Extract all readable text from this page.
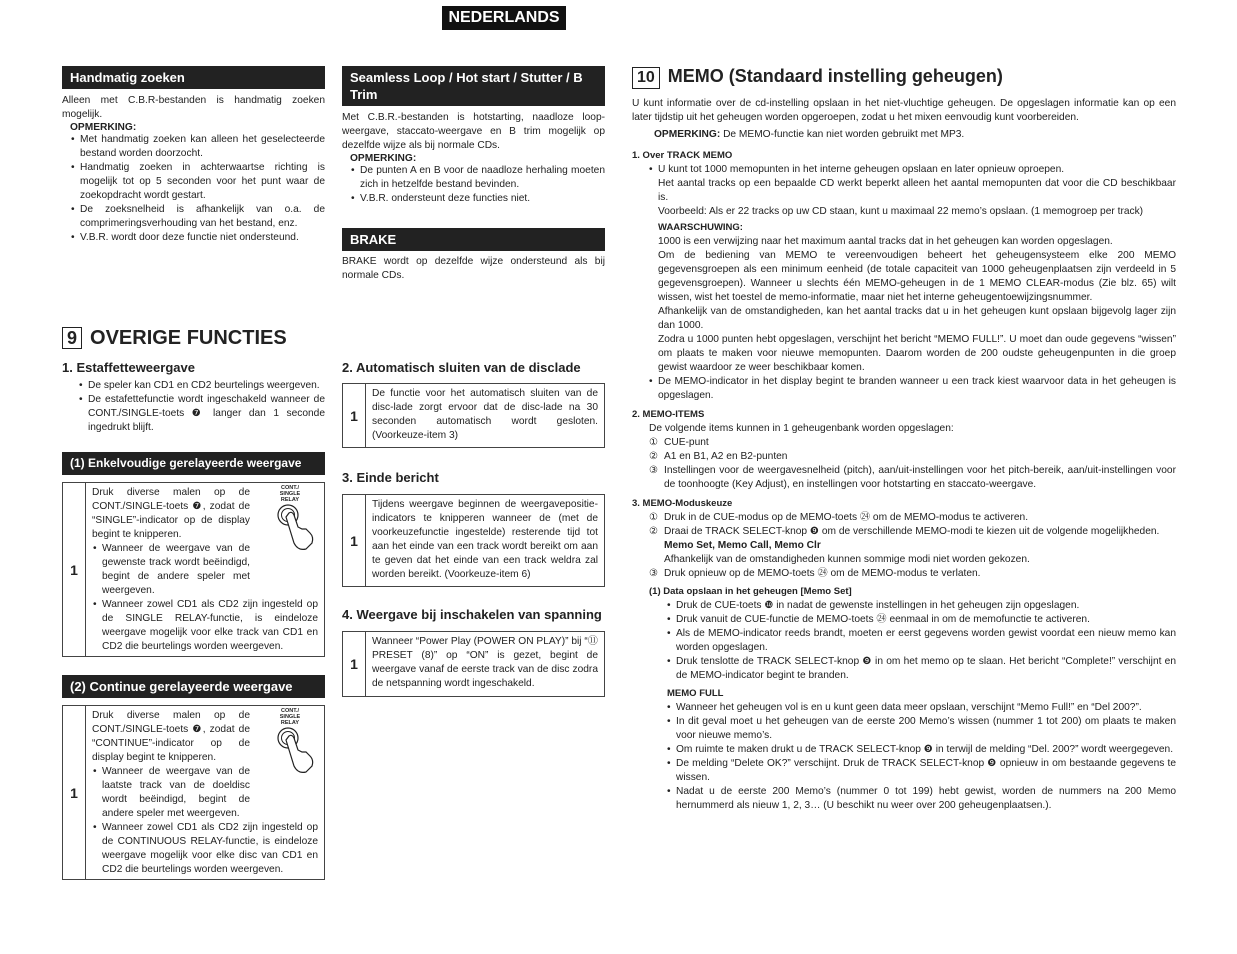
NEDERLANDS
Handmatig zoeken
Alleen met C.B.R-bestanden is handmatig zoeken mogelijk.
OPMERKING:
• Met handmatig zoeken kan alleen het geselecteerde bestand worden doorzocht.
• Handmatig zoeken in achterwaartse richting is mogelijk tot op 5 seconden voor het punt waar de zoekopdracht wordt gestart.
• De zoeksnelheid is afhankelijk van o.a. de comprimeringsverhouding van het bestand, enz.
• V.B.R. wordt door deze functie niet ondersteund.
9 OVERIGE FUNCTIES
1. Estaffetteweergave
• De speler kan CD1 en CD2 beurtelings weergeven.
• De estafettefunctie wordt ingeschakeld wanneer de CONT./SINGLE-toets ❼ langer dan 1 seconde ingedrukt blijft.
(1) Enkelvoudige gerelayeerde weergave
1
Druk diverse malen op de CONT./SINGLE-toets ❼, zodat de “SINGLE”-indicator op de display begint te knipperen.
• Wanneer de weergave van de gewenste track wordt beëindigd, begint de andere speler met weergeven.
• Wanneer zowel CD1 als CD2 zijn ingesteld op de SINGLE RELAY-functie, is eindeloze weergave mogelijk voor elke track van CD1 en CD2 die beurtelings worden weergeven.
CONT./
SINGLE
RELAY
(2) Continue gerelayeerde weergave
1
Druk diverse malen op de CONT./SINGLE-toets ❼, zodat de “CONTINUE”-indicator op de display begint te knipperen.
• Wanneer de weergave van de laatste track van de doeldisc wordt beëindigd, begint de andere speler met weergeven.
• Wanneer zowel CD1 als CD2 zijn ingesteld op de CONTINUOUS RELAY-functie, is eindeloze weergave mogelijk voor elke disc van CD1 en CD2 die beurtelings worden weergeven.
CONT./
SINGLE
RELAY
Seamless Loop / Hot start / Stutter / B Trim
Met C.B.R.-bestanden is hotstarting, naadloze loop-weergave, staccato-weergave en B trim mogelijk op dezelfde wijze als bij normale CDs.
OPMERKING:
• De punten A en B voor de naadloze herhaling moeten zich in hetzelfde bestand bevinden.
• V.B.R. ondersteunt deze functies niet.
BRAKE
BRAKE wordt op dezelfde wijze ondersteund als bij normale CDs.
2. Automatisch sluiten van de disclade
1
De functie voor het automatisch sluiten van de disc-lade zorgt ervoor dat de disc-lade na 30 seconden automatisch wordt gesloten. (Voorkeuze-item 3)
3. Einde bericht
1
Tijdens weergave beginnen de weergavepositie-indicators te knipperen wanneer de (met de voorkeuzefunctie ingestelde) resterende tijd tot aan het einde van een track wordt bereikt om aan te geven dat het einde van een track weldra zal worden bereikt. (Voorkeuze-item 6)
4. Weergave bij inschakelen van spanning
1
Wanneer “Power Play (POWER ON PLAY)” bij “⑪ PRESET (8)” op “ON” is gezet, begint de weergave vanaf de eerste track van de disc zodra de netspanning wordt ingeschakeld.
10 MEMO (Standaard instelling geheugen)
U kunt informatie over de cd-instelling opslaan in het niet-vluchtige geheugen. De opgeslagen informatie kan op een later tijdstip uit het geheugen worden opgeroepen, zodat u het mixen eenvoudig kunt voorbereiden.
OPMERKING: De MEMO-functie kan niet worden gebruikt met MP3.
1. Over TRACK MEMO
• U kunt tot 1000 memopunten in het interne geheugen opslaan en later opnieuw oproepen.
Het aantal tracks op een bepaalde CD werkt beperkt alleen het aantal memopunten dat voor die CD beschikbaar is.
Voorbeeld: Als er 22 tracks op uw CD staan, kunt u maximaal 22 memo’s opslaan. (1 memogroep per track)
WAARSCHUWING:
1000 is een verwijzing naar het maximum aantal tracks dat in het geheugen kan worden opgeslagen.
Om de bediening van MEMO te vereenvoudigen beheert het geheugensysteem elke 200 MEMO gegevensgroepen als een minimum eenheid (de totale capaciteit van 1000 geheugenplaatsen zijn verdeeld in 5 gegevensgroepen). Wanneer u slechts één MEMO-geheugen in de 1 MEMO CLEAR-modus (Zie blz. 65) wilt wissen, wist het toestel de memo-informatie, maar niet het interne geheugentoewijzingsnummer.
Afhankelijk van de omstandigheden, kan het aantal tracks dat u in het geheugen kunt opslaan bijgevolg lager zijn dan 1000.
Zodra u 1000 punten hebt opgeslagen, verschijnt het bericht “MEMO FULL!”. U moet dan oude gegevens “wissen” om plaats te maken voor nieuwe memopunten. Daarom worden de 200 oudste geheugenpunten in die groep gewist waardoor ze weer beschikbaar komen.
• De MEMO-indicator in het display begint te branden wanneer u een track kiest waarvoor data in het geheugen is opgeslagen.
2. MEMO-ITEMS
De volgende items kunnen in 1 geheugenbank worden opgeslagen:
① CUE-punt
② A1 en B1, A2 en B2-punten
③ Instellingen voor de weergavesnelheid (pitch), aan/uit-instellingen voor het pitch-bereik, aan/uit-instellingen voor de toonhoogte (Key Adjust), en instellingen voor hotstarting en staccato-weergave.
3. MEMO-Moduskeuze
① Druk in de CUE-modus op de MEMO-toets ㉔ om de MEMO-modus te activeren.
② Draai de TRACK SELECT-knop ❾ om de verschillende MEMO-modi te kiezen uit de volgende mogelijkheden.
Memo Set, Memo Call, Memo Clr
Afhankelijk van de omstandigheden kunnen sommige modi niet worden gekozen.
③ Druk opnieuw op de MEMO-toets ㉔ om de MEMO-modus te verlaten.
(1) Data opslaan in het geheugen [Memo Set]
• Druk de CUE-toets ❿ in nadat de gewenste instellingen in het geheugen zijn opgeslagen.
• Druk vanuit de CUE-functie de MEMO-toets ㉔ eenmaal in om de memofunctie te activeren.
• Als de MEMO-indicator reeds brandt, moeten er eerst gegevens worden gewist voordat een nieuw memo kan worden opgeslagen.
• Druk tenslotte de TRACK SELECT-knop ❾ in om het memo op te slaan. Het bericht “Complete!” verschijnt en de MEMO-indicator begint te branden.
MEMO FULL
• Wanneer het geheugen vol is en u kunt geen data meer opslaan, verschijnt “Memo Full!” en “Del 200?”.
• In dit geval moet u het geheugen van de eerste 200 Memo’s wissen (nummer 1 tot 200) om plaats te maken voor nieuwe memo’s.
• Om ruimte te maken drukt u de TRACK SELECT-knop ❾ in terwijl de melding “Del. 200?” wordt weergegeven.
• De melding “Delete OK?” verschijnt. Druk de TRACK SELECT-knop ❾ opnieuw in om bestaande gegevens te wissen.
• Nadat u de eerste 200 Memo’s (nummer 0 tot 199) hebt gewist, worden de nummers na 200 Memo hernummerd als nieuw 1, 2, 3… (U beschikt nu weer over 200 geheugenplaatsen.).
